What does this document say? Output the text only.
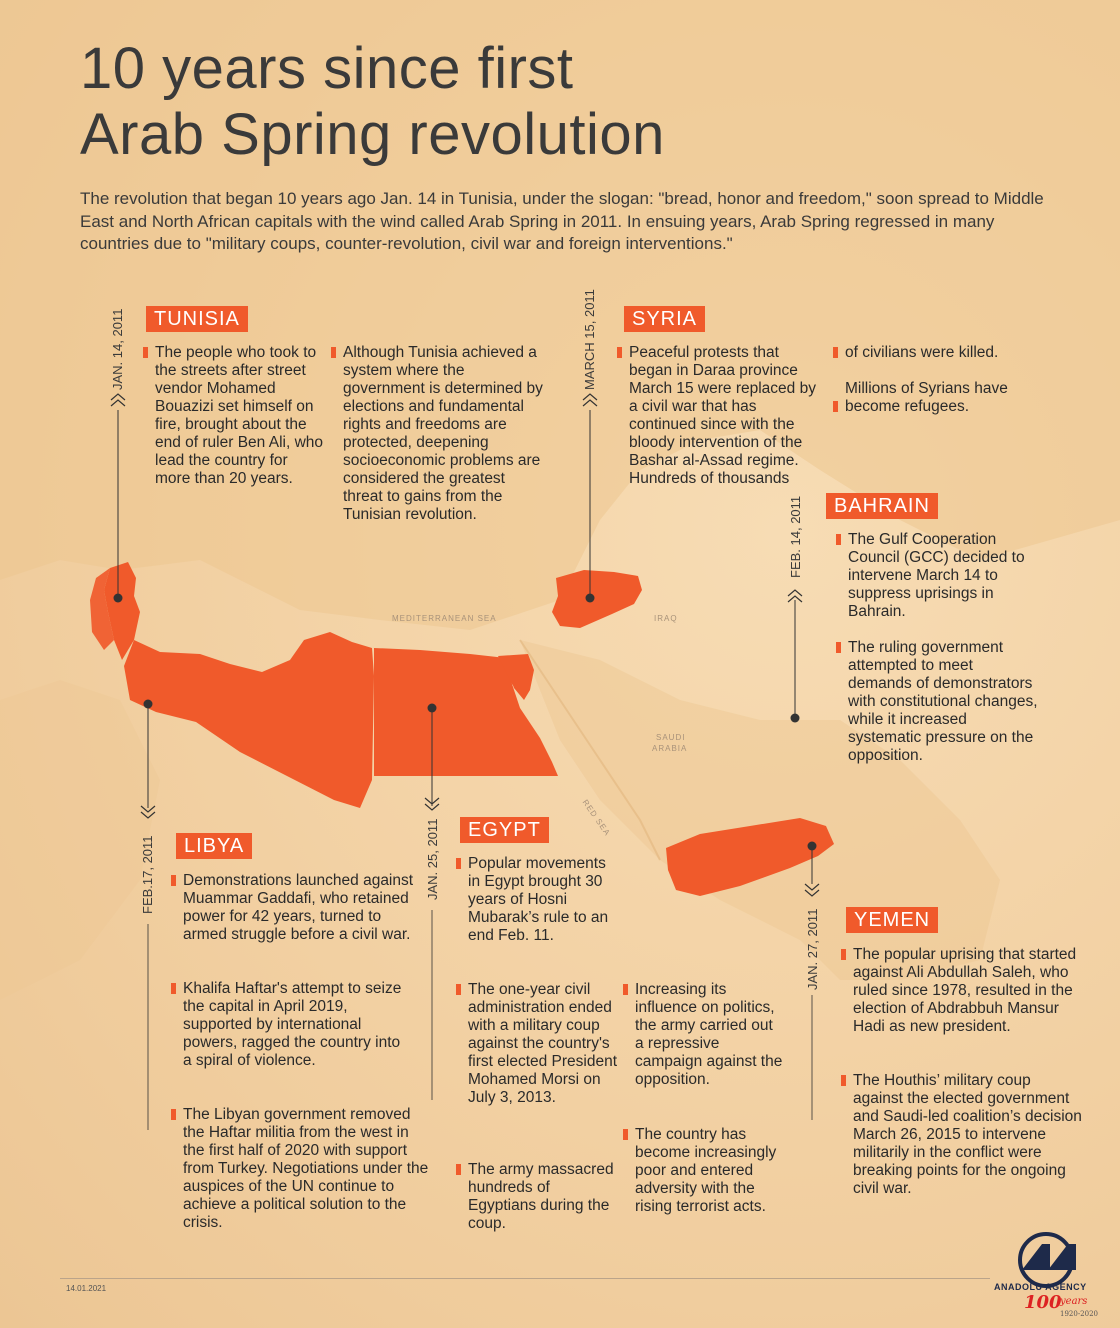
10 years since first
Arab Spring revolution

The revolution that began 10 years ago Jan. 14 in Tunisia, under the slogan: "bread, honor and freedom," soon spread to Middle East and North African capitals with the wind called Arab Spring in 2011. In ensuing years, Arab Spring regressed in many countries due to "military coups, counter-revolution, civil war and foreign interventions."

MEDITERRANEAN SEA	IRAQ
SAUDI
ARABIA
RED SEA
TUNISIA
JAN. 14, 2011 The people who took to the streets after street vendor Mohamed Bouazizi set himself on fire, brought about the end of ruler Ben Ali, who lead the country for more than 20 years.
Although Tunisia achieved a system where the government is determined by elections and fundamental rights and freedoms are protected, deepening socioeconomic problems are considered the greatest threat to gains from the Tunisian revolution.
SYRIA
MARCH 15, 2011 Peaceful protests that began in Daraa province March 15 were replaced by a civil war that has continued since with the bloody intervention of the Bashar al-Assad regime. Hundreds of thousands
of civilians were killed.
Millions of Syrians have
become refugees.
BAHRAIN
FEB. 14, 2011	The Gulf Cooperation Council (GCC) decided to intervene March 14 to suppress uprisings in Bahrain.
The ruling government attempted to meet demands of demonstrators with constitutional changes, while it increased systematic pressure on the opposition.
LIBYA
FEB.17, 2011 Demonstrations launched against Muammar Gaddafi, who retained power for 42 years, turned to armed struggle before a civil war.
Khalifa Haftar's attempt to seize the capital in April 2019, supported by international powers, ragged the country into a spiral of violence.
The Libyan government removed the Haftar militia from the west in the first half of 2020 with support from Turkey. Negotiations under the auspices of the UN continue to achieve a political solution to the crisis.
EGYPT
JAN. 25, 2011 Popular movements in Egypt brought 30 years of Hosni Mubarak’s rule to an end Feb. 11.
The one-year civil administration ended with a military coup against the country's first elected President Mohamed Morsi on July 3, 2013.
The army massacred hundreds of Egyptians during the coup.
Increasing its influence on politics, the army carried out a repressive campaign against the opposition.
The country has become increasingly poor and entered adversity with the rising terrorist acts.
YEMEN
JAN. 27, 2011 The popular uprising that started against Ali Abdullah Saleh, who ruled since 1978, resulted in the election of Abdrabbuh Mansur Hadi as new president.
The Houthis’ military coup against the elected government and Saudi-led coalition’s decision March 26, 2015 to intervene militarily in the conflict were breaking points for the ongoing civil war.
14.01.2021	ANADOLU AGENCY
100
years
1920-2020
